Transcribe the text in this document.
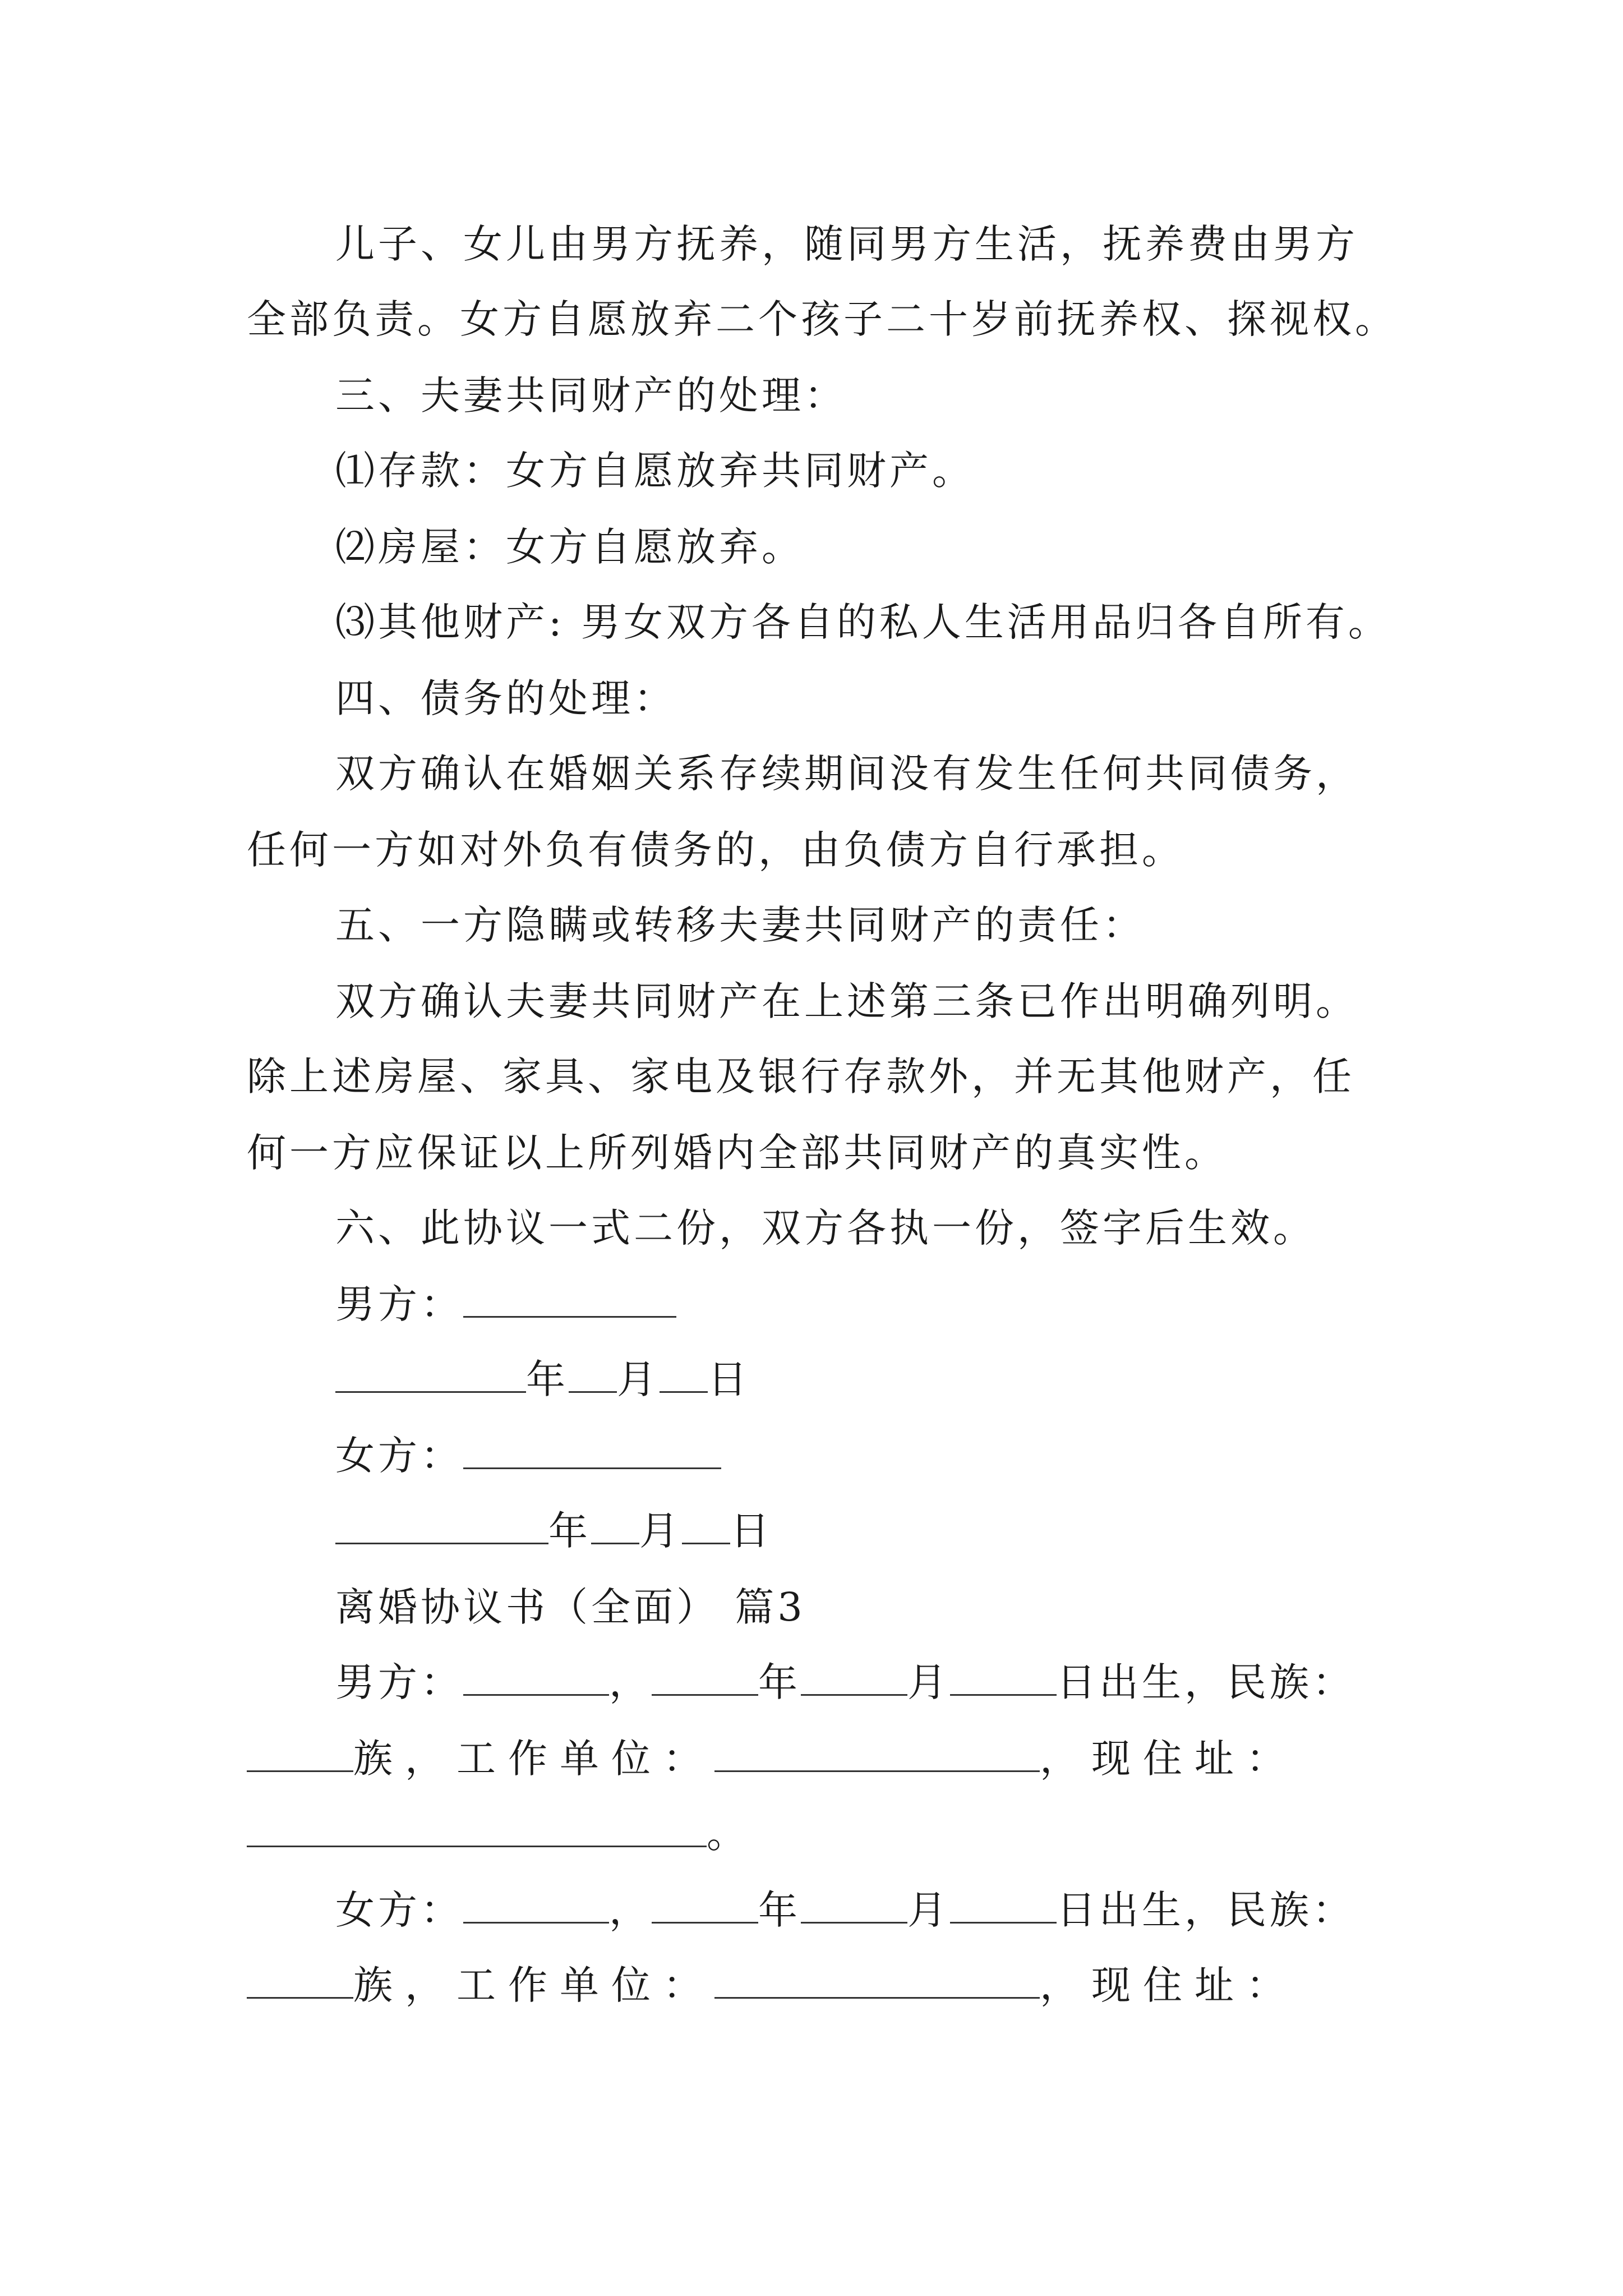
儿子、女儿由男方抚养，随同男方生活，抚养费由男方
全部负责。女方自愿放弃二个孩子二十岁前抚养权、探视权。
三、夫妻共同财产的处理：
⑴存款：女方自愿放弃共同财产。
⑵房屋：女方自愿放弃。
⑶其他财产: 男女双方各自的私人生活用品归各自所有。
四、债务的处理：
双方确认在婚姻关系存续期间没有发生任何共同债务，
任何一方如对外负有债务的，由负债方自行承担。
五、一方隐瞒或转移夫妻共同财产的责任：
双方确认夫妻共同财产在上述第三条已作出明确列明。
除上述房屋、家具、家电及银行存款外，并无其他财产，任
何一方应保证以上所列婚内全部共同财产的真实性。
六、此协议一式二份，双方各执一份，签字后生效。
男方：
年 月 日
女方：
年 月 日
离婚协议书（全面） 篇3
男方：	，	年	月	日出生，民族：
族，工作单位：	，现住址：
。
女方：	，	年	月	日出生，民族：
族，工作单位：	，现住址：
